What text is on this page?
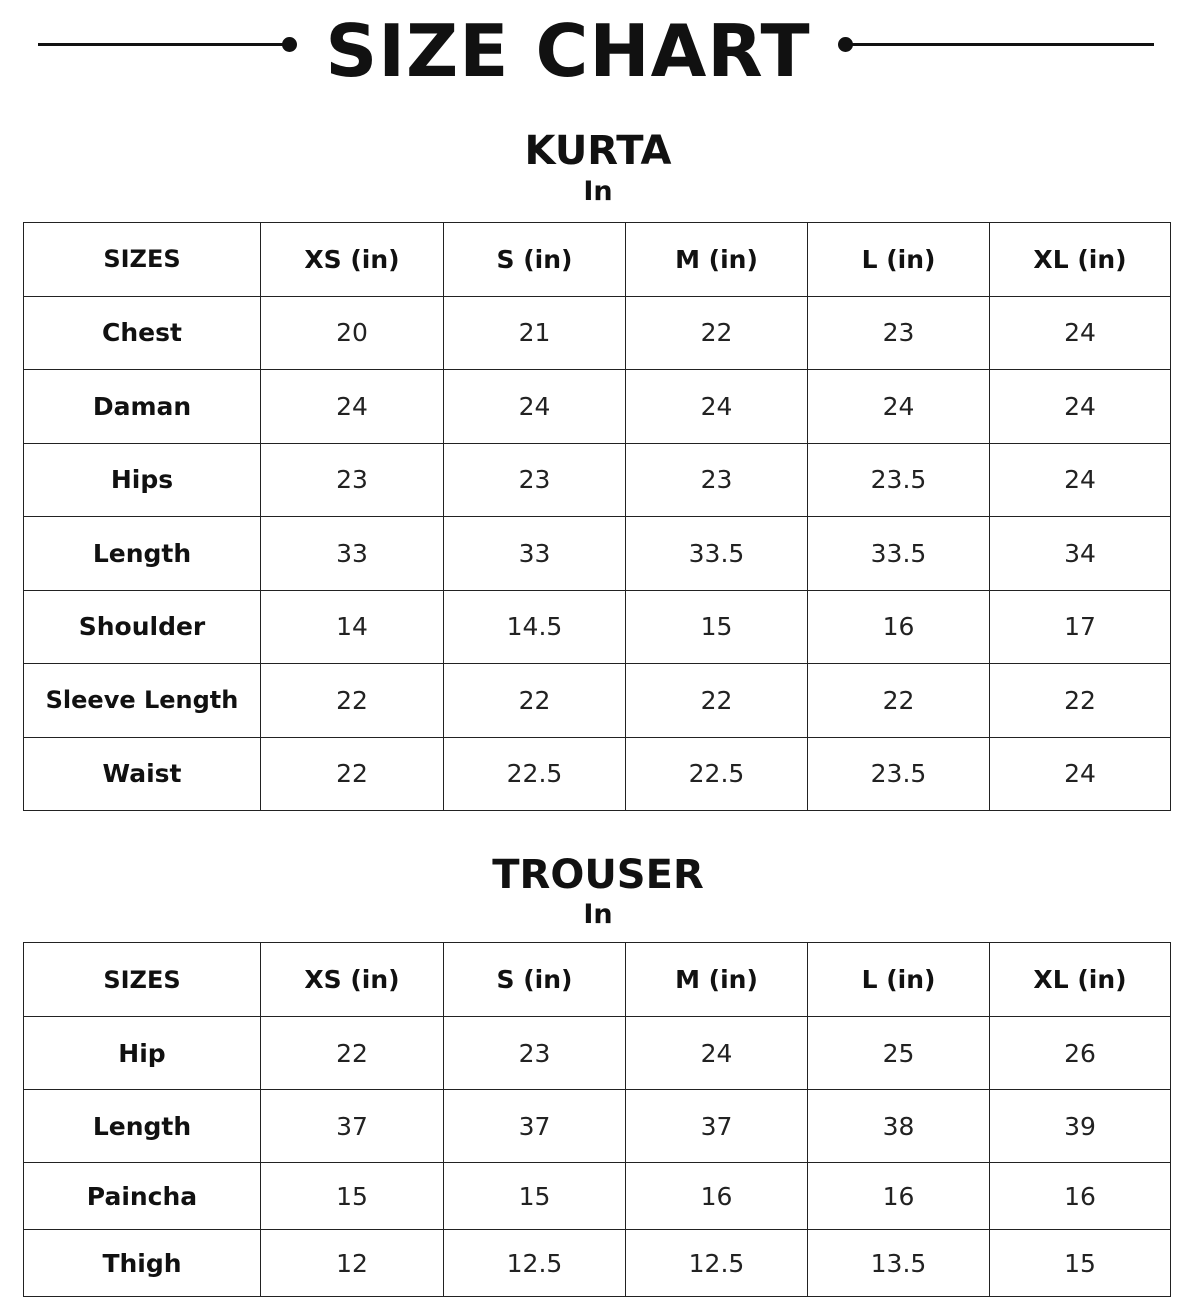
SIZE CHART
KURTA
In
SIZES	XS (in)	S (in)	M (in)	L (in)	XL (in)
Chest	20	21	22	23	24
Daman	24	24	24	24	24
Hips	23	23	23	23.5	24
Length	33	33	33.5	33.5	34
Shoulder	14	14.5	15	16	17
Sleeve Length	22	22	22	22	22
Waist	22	22.5	22.5	23.5	24
TROUSER
In
SIZES	XS (in)	S (in)	M (in)	L (in)	XL (in)
Hip	22	23	24	25	26
Length	37	37	37	38	39
Paincha	15	15	16	16	16
Thigh	12	12.5	12.5	13.5	15
